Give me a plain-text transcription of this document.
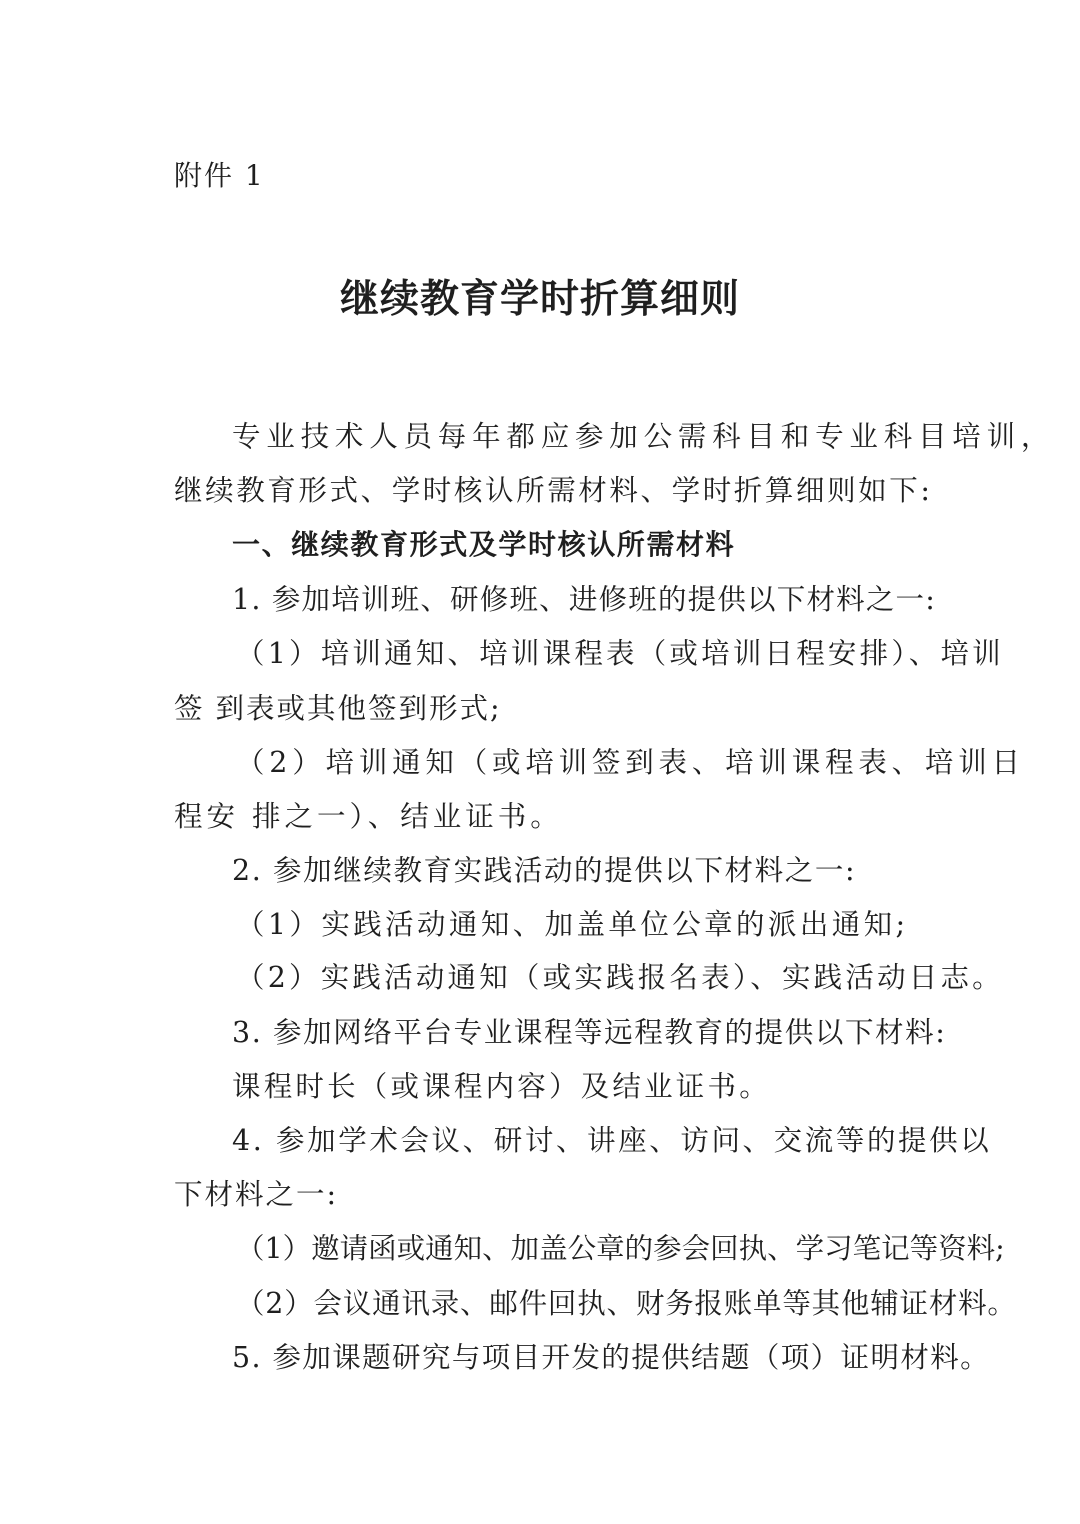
附件 1
继续教育学时折算细则
专业技术人员每年都应参加公需科目和专业科目培训，
继续教育形式、学时核认所需材料、学时折算细则如下:
一、继续教育形式及学时核认所需材料
1. 参加培训班、研修班、进修班的提供以下材料之一:
（1）培训通知、培训课程表（或培训日程安排）、培训
签 到表或其他签到形式;
（2）培训通知（或培训签到表、培训课程表、培训日
程安 排之一）、结业证书。
2. 参加继续教育实践活动的提供以下材料之一:
（1）实践活动通知、加盖单位公章的派出通知;
（2）实践活动通知（或实践报名表）、实践活动日志。
3. 参加网络平台专业课程等远程教育的提供以下材料:
课程时长（或课程内容）及结业证书。
4. 参加学术会议、研讨、讲座、访问、交流等的提供以
下材料之一:
（1）邀请函或通知、加盖公章的参会回执、学习笔记等资料;
（2）会议通讯录、邮件回执、财务报账单等其他辅证材料。
5. 参加课题研究与项目开发的提供结题（项）证明材料。
